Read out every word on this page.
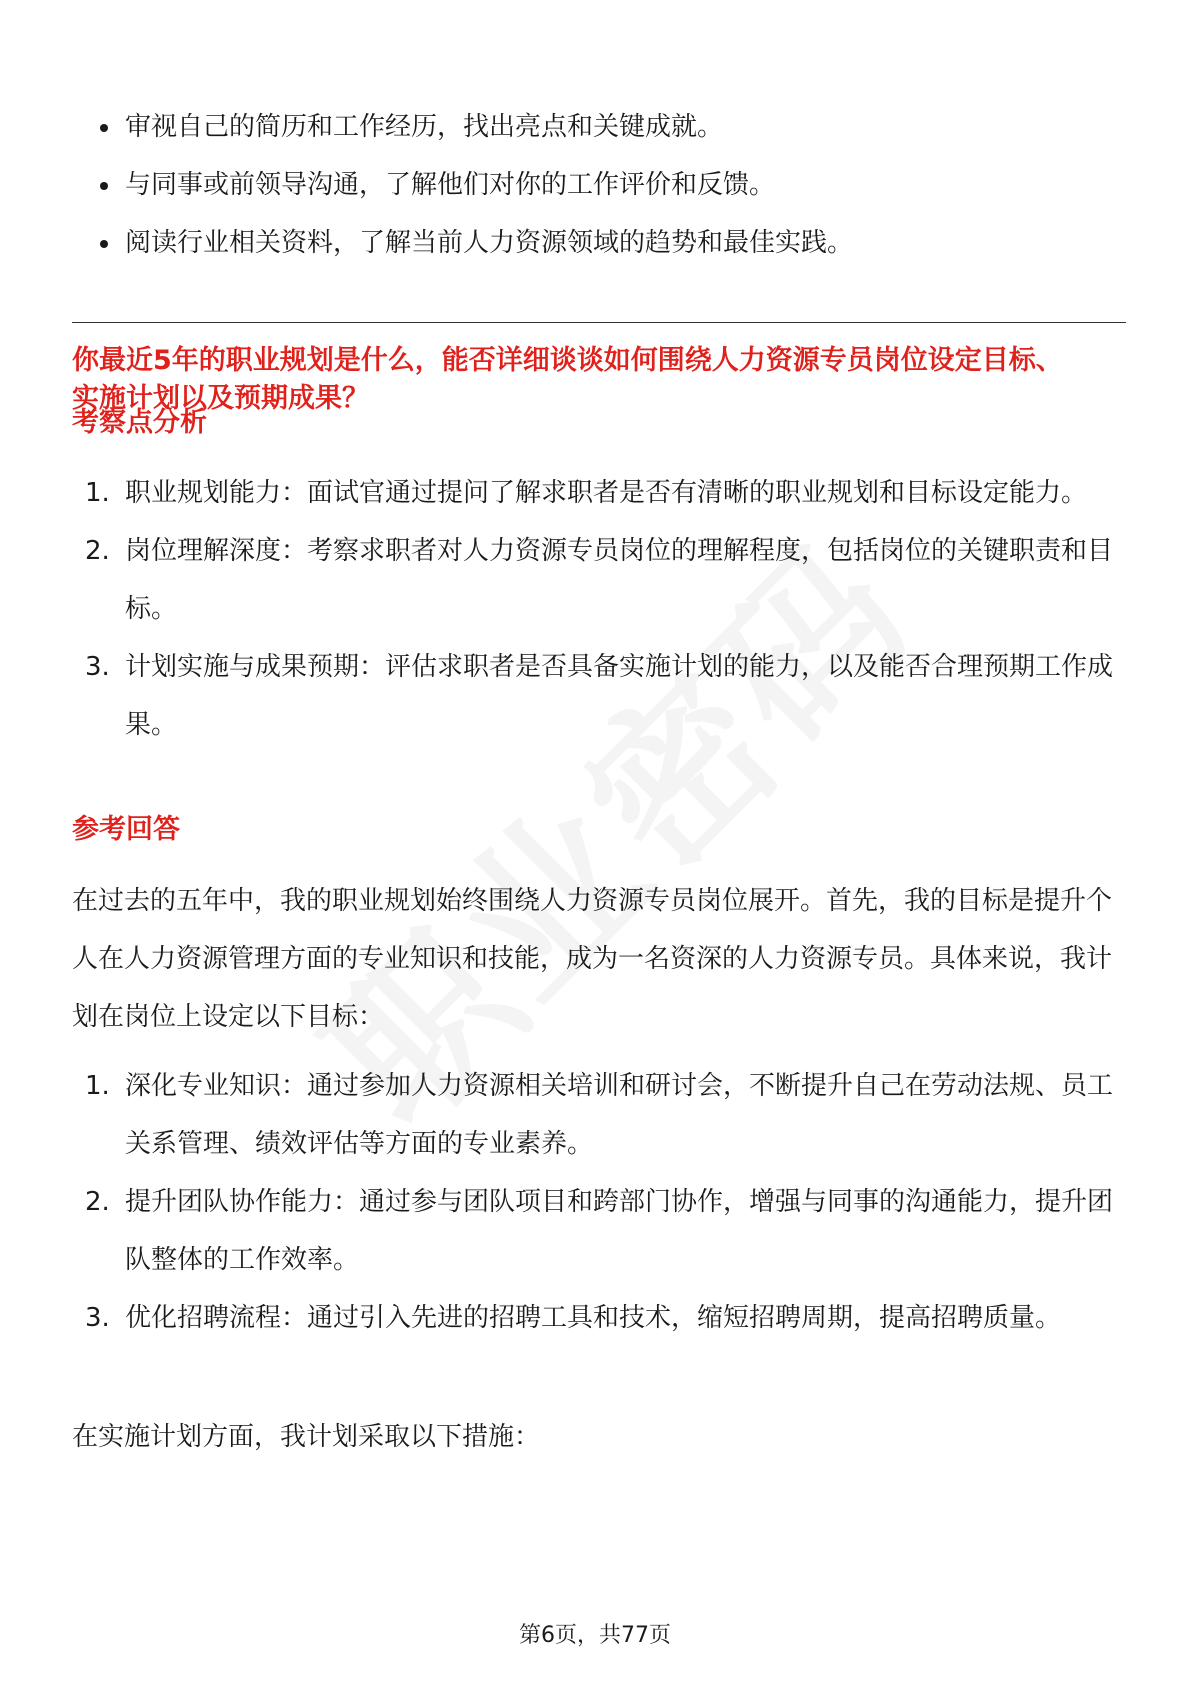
审视自己的简历和工作经历，找出亮点和关键成就。
与同事或前领导沟通，了解他们对你的工作评价和反馈。
阅读行业相关资料，了解当前人力资源领域的趋势和最佳实践。
你最近5年的职业规划是什么，能否详细谈谈如何围绕人力资源专员岗位设定目标、实施计划以及预期成果？
考察点分析
1. 职业规划能力：面试官通过提问了解求职者是否有清晰的职业规划和目标设定能力。
2. 岗位理解深度：考察求职者对人力资源专员岗位的理解程度，包括岗位的关键职责和目标。
3. 计划实施与成果预期：评估求职者是否具备实施计划的能力，以及能否合理预期工作成果。
参考回答
在过去的五年中，我的职业规划始终围绕人力资源专员岗位展开。首先，我的目标是提升个人在人力资源管理方面的专业知识和技能，成为一名资深的人力资源专员。具体来说，我计划在岗位上设定以下目标：
1. 深化专业知识：通过参加人力资源相关培训和研讨会，不断提升自己在劳动法规、员工关系管理、绩效评估等方面的专业素养。
2. 提升团队协作能力：通过参与团队项目和跨部门协作，增强与同事的沟通能力，提升团队整体的工作效率。
3. 优化招聘流程：通过引入先进的招聘工具和技术，缩短招聘周期，提高招聘质量。
在实施计划方面，我计划采取以下措施：
第6页，共77页
